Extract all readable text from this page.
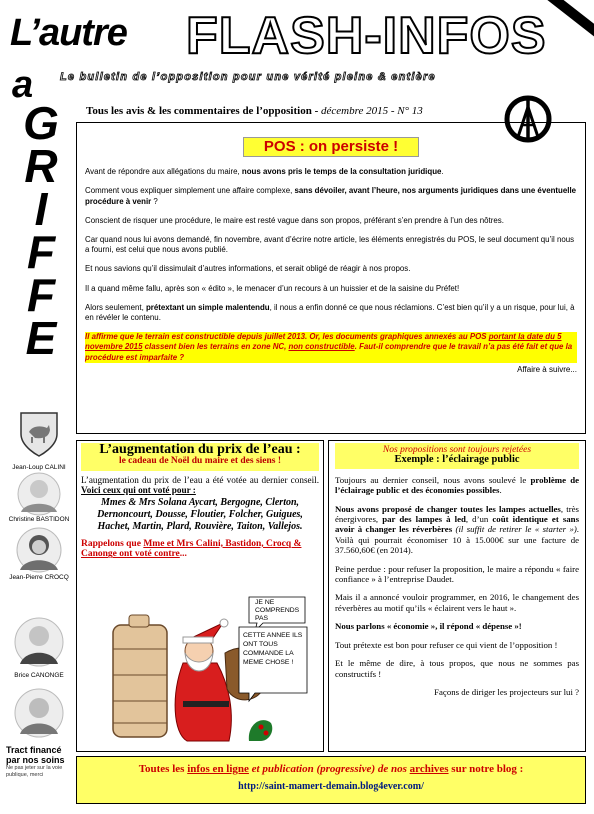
L’autre FLASH-INFOS
Le bulletin de l’opposition pour une vérité pleine & entière
a
G
R
I
F
F
E
Jean-Loup CALINI
Christine BASTIDON
Jean-Pierre CROCQ
Brice CANONGE
Tract financé par nos soins
Ne pas jeter sur la voie publique, merci
Tous les avis & les commentaires de l’opposition - décembre 2015 - N° 13
POS : on persiste !

Avant de répondre aux allégations du maire, nous avons pris le temps de la consultation juridique.

Comment vous expliquer simplement une affaire complexe, sans dévoiler, avant l’heure, nos arguments juridiques dans une éventuelle procédure à venir ?

Conscient de risquer une procédure, le maire est resté vague dans son propos, préférant s’en prendre à l’un des nôtres.

Car quand nous lui avons demandé, fin novembre, avant d’écrire notre article, les éléments enregistrés du POS, le seul document qu’il nous a fourni, est celui que nous avons publié.

Et nous savions qu’il dissimulait d’autres informations, et serait obligé de réagir à nos propos.

Il a quand même fallu, après son « édito », le menacer d’un recours à un huissier et de la saisine du Préfet!

Alors seulement, prétextant un simple malentendu, il nous a enfin donné ce que nous réclamions. C’est bien qu’il y a un risque, pour lui, à en révéler le contenu.

Il affirme que le terrain est constructible depuis juillet 2013. Or, les documents graphiques annexés au POS portant la date du 5 novembre 2015 classent bien les terrains en zone NC, non constructible. Faut-il comprendre que le travail n’a pas été fait et que la procédure est imparfaite ?

Affaire à suivre...
L’augmentation du prix de l’eau :
le cadeau de Noël du maire et des siens !
L’augmentation du prix de l’eau a été votée au dernier conseil. Voici ceux qui ont voté pour :
Mmes & Mrs Solana Aycart, Bergogne, Clerton, Dernoncourt, Dousse, Floutier, Folcher, Guigues, Hachet, Martin, Plard, Rouvière, Taiton, Vallejos.
Rappelons que Mme et Mrs Calini, Bastidon, Crocq & Canonge ont voté contre...
JE NE COMPRENDS PAS
CETTE ANNEE ILS ONT TOUS COMMANDE LA MEME CHOSE !
Nos propositions sont toujours rejetées
Exemple : l’éclairage public

Toujours au dernier conseil, nous avons soulevé le problème de l’éclairage public et des économies possibles.

Nous avons proposé de changer toutes les lampes actuelles, très énergivores, par des lampes à led, d’un coût identique et sans avoir à changer les réverbères (il suffit de retirer le « starter »). Voilà qui pourrait économiser 10 à 15.000€ sur une facture de 37.560,60€ (en 2014).

Peine perdue : pour refuser la proposition, le maire a répondu « faire confiance » à l’entreprise Daudet.

Mais il a annoncé vouloir programmer, en 2016, le changement des réverbères au motif qu’ils « éclairent vers le haut ».

Nous parlons « économie », il répond « dépense »!

Tout prétexte est bon pour refuser ce qui vient de l’opposition !

Et le même de dire, à tous propos, que nous ne sommes pas constructifs !

Façons de diriger les projecteurs sur lui ?

Toutes les infos en ligne et publication (progressive) de nos archives sur notre blog :
http://saint-mamert-demain.blog4ever.com/
